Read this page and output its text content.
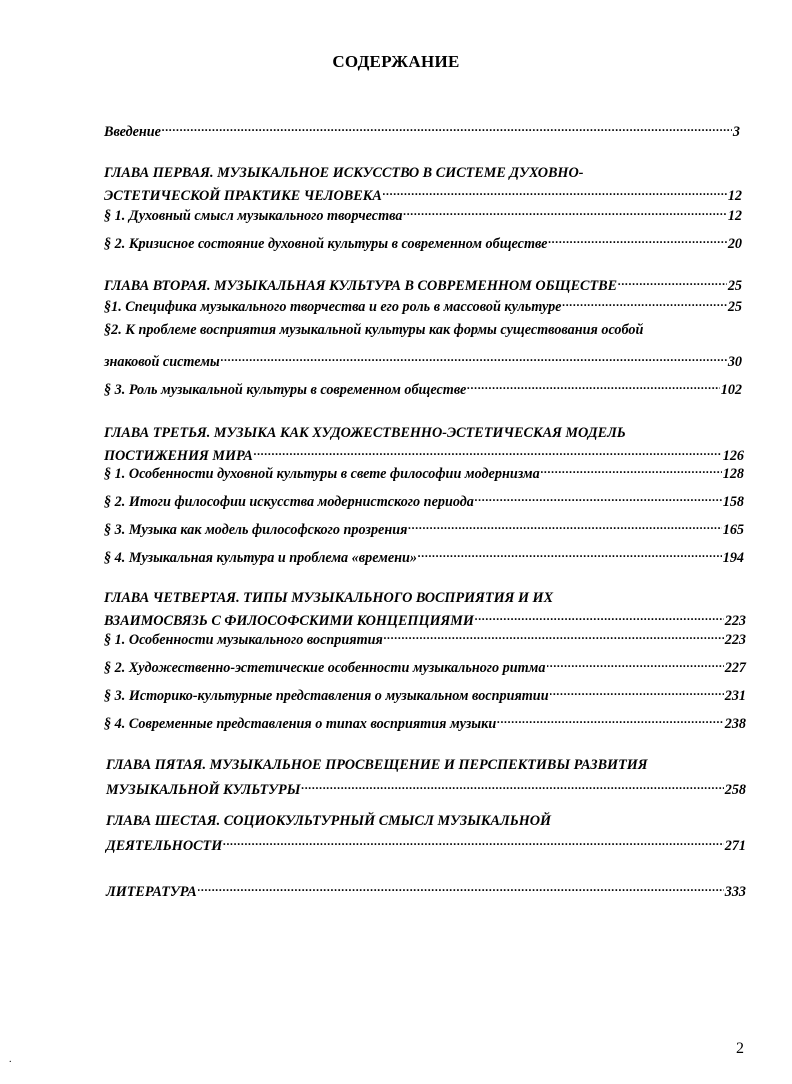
СОДЕРЖАНИЕ
Введение .....	3
ГЛАВА ПЕРВАЯ. МУЗЫКАЛЬНОЕ ИСКУССТВО В СИСТЕМЕ ДУХОВНО-
ЭСТЕТИЧЕСКОЙ ПРАКТИКЕ ЧЕЛОВЕКА .....	12
§ 1. Духовный смысл музыкального творчества .....	12
§ 2. Кризисное состояние духовной культуры в современном обществе .....	20
ГЛАВА ВТОРАЯ. МУЗЫКАЛЬНАЯ КУЛЬТУРА В СОВРЕМЕННОМ ОБЩЕСТВЕ .....	25
§1. Специфика музыкального творчества и его роль в массовой культуре .....	25
§2. К проблеме восприятия музыкальной культуры как формы существования особой
знаковой системы .....	30
§ 3. Роль музыкальной культуры в современном обществе .....	102
ГЛАВА ТРЕТЬЯ. МУЗЫКА КАК ХУДОЖЕСТВЕННО-ЭСТЕТИЧЕСКАЯ МОДЕЛЬ
ПОСТИЖЕНИЯ МИРА .....	126
§ 1. Особенности духовной культуры в свете философии модернизма .....	128
§ 2. Итоги философии искусства модернистского периода .....	158
§ 3. Музыка как модель философского прозрения .....	165
§ 4. Музыкальная культура и проблема «времени» .....	194
ГЛАВА ЧЕТВЕРТАЯ. ТИПЫ МУЗЫКАЛЬНОГО ВОСПРИЯТИЯ И ИХ
ВЗАИМОСВЯЗЬ С ФИЛОСОФСКИМИ КОНЦЕПЦИЯМИ .....	223
§ 1. Особенности музыкального восприятия .....	223
§ 2. Художественно-эстетические особенности музыкального ритма .....	227
§ 3. Историко-культурные представления о музыкальном восприятии .....	231
§ 4. Современные представления о типах восприятия музыки .....	238
ГЛАВА ПЯТАЯ. МУЗЫКАЛЬНОЕ ПРОСВЕЩЕНИЕ И ПЕРСПЕКТИВЫ РАЗВИТИЯ
МУЗЫКАЛЬНОЙ КУЛЬТУРЫ .....	258
ГЛАВА ШЕСТАЯ. СОЦИОКУЛЬТУРНЫЙ СМЫСЛ МУЗЫКАЛЬНОЙ
ДЕЯТЕЛЬНОСТИ .....	271
ЛИТЕРАТУРА .....	333
.
2
